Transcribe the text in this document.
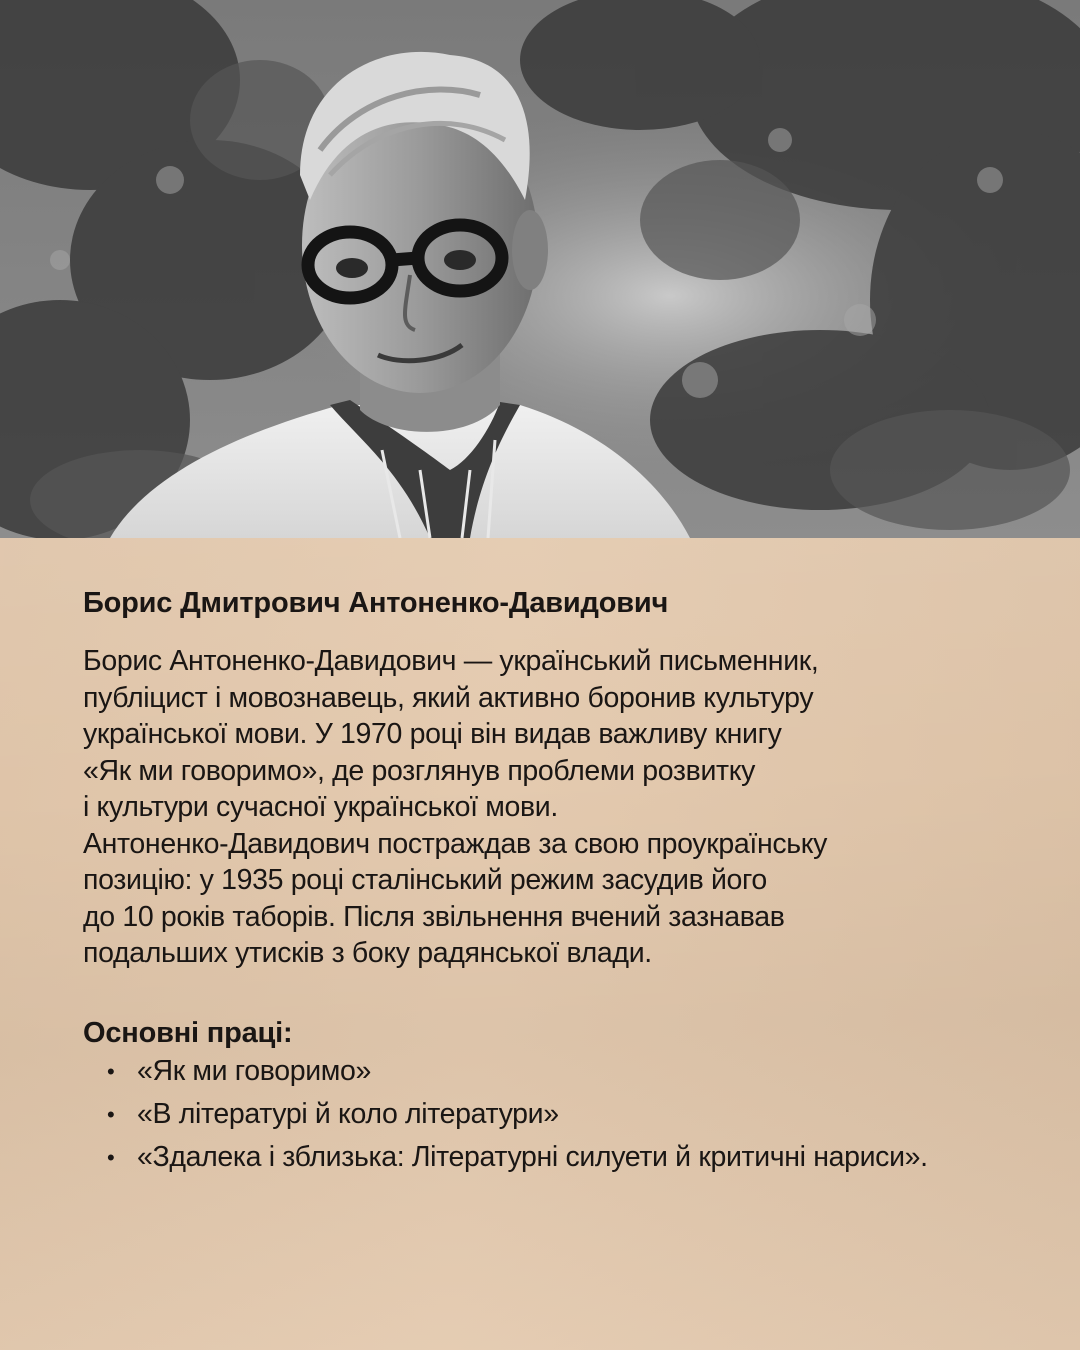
Борис Дмитрович Антоненко-Давидович

Борис Антоненко-Давидович — український письменник,
публіцист і мовознавець, який активно боронив культуру
української мови. У 1970 році він видав важливу книгу
«Як ми говоримо», де розглянув проблеми розвитку
і культури сучасної української мови.
Антоненко-Давидович постраждав за свою проукраїнську
позицію: у 1935 році сталінський режим засудив його
до 10 років таборів. Після звільнення вчений зазнавав
подальших утисків з боку радянської влади.

Основні праці:
• «Як ми говоримо»
• «В літературі й коло літератури»
• «Здалека і зблизька: Літературні силуети й критичні нариси».
